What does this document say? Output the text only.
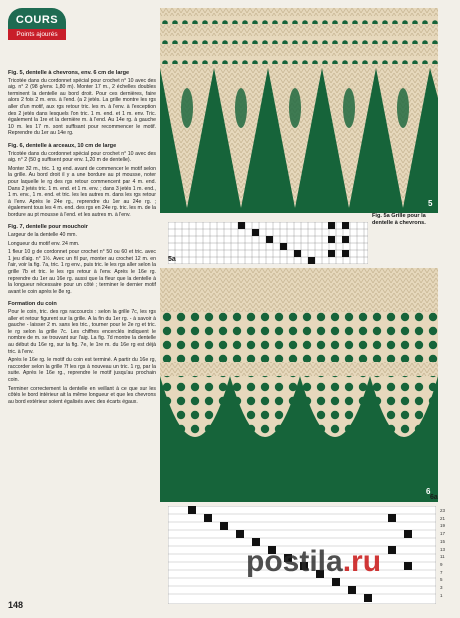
COURS
Points ajourés
Fig. 5, dentelle à chevrons, env. 6 cm de large

Tricotée dans du cordonnet spécial pour crochet n° 10 avec des aig. n° 2 (98 g/env. 1,80 m). Monter 17 m., 2 échelles doubles terminent la dentelle au bord droit. Pour ces dernières, faire alors 2 fois 2 m. ens. à l'end. (a 2 jetés. La grille montre les rgs aller d'un motif, aux rgs retour tric. les m. à l'env. à l'exception des 2 jetés dans lesquels l'on tric. 1 m. end. et 1 m. env. Tric. également la 1re et la dernière m. à l'end. Au 14e rg. à gauche 10 m. les 17 m. sont suffisant pour recommencer le motif. Reprendre du 1er au 14e rg.

Fig. 6, dentelle à arceaux, 10 cm de large

Tricotée dans du cordonnet spécial pour crochet n° 10 avec des aig. n° 2 (50 g suffisent pour env. 1,20 m de dentelle).

Monter 32 m., tric. 1 rg end. avant de commencer le motif selon la grille. Au bord droit il y a une bordure au pt mousse, noter pour laquelle le rg des rgs retour commencent par 4 m. end. Dans 2 jetés tric. 1 m. end. et 1 m. env. ; dans 3 jetés 1 m. end., 1 m. env., 1 m. end. et tric. les les autres m. dans les rgs retour à l'env. Après le 24e rg., reprendre du 1er au 24e rg. ; également tous les 4 m. end. des rgs en 24e rg. tric. les m. de la bordure au pt mousse à l'end. et les autres m. à l'env.

Fig. 7, dentelle pour mouchoir

Largeur de la dentelle 40 mm.

Longueur du motif env. 24 mm.

1 fleur 10 g de cordonnet pour crochet n° 50 ou 60 et tric. avec 1 jeu d'aig. n° 1½. Avec un fil pur, monter au crochet 12 m. en l'air, voir la fig. 7a, tric. 1 rg env., puis tric. le les rgs aller selon la grille 7b et tric. le les rgs retour à l'env. Après le 16e rg. reprendre du 1er au 16e rg. aussi que la fleur que la dentelle à la longueur nécessaire pour un côté ; terminer le dernier motif avant le coin après le 8e rg.

Formation du coin

Pour le coin, tric. des rgs raccourcis : selon la grille 7c, les rgs aller et retour figurent sur la grille. A la fin du 1er rg. - à savoir à gauche - laisser 2 m. sans les tric., tourner pour le 2e rg et tric. le rg selon la grille 7c. Les chiffres encerclés indiquent le nombre de m. se trouvant sur l'aig. La fig. 7d montre la dentelle au début du 16e rg, sur la fig. 7e, le 1re m. du 16e rg est déjà tric. à l'env.

Après le 16e rg. le motif du coin est terminé. A partir du 16e rg, raccorder selon la grille 7f les rgs à nouveau un tric. 1 rg, par la suite. Après le 16e rg., reprendre le motif jusqu'au prochain coin.

Terminer correctement la dentelle en veillant à ce que sur les côtés le bord intérieur ait la même longueur et que les chevrons au bord extérieur soient égalisés avec des écarts égaux.

5
5a
Fig. 5a Grille pour la dentelle à chevrons.
6
6a
23
21
19
17
15
13
11
9
7
5
3
1
postila.ru
148
